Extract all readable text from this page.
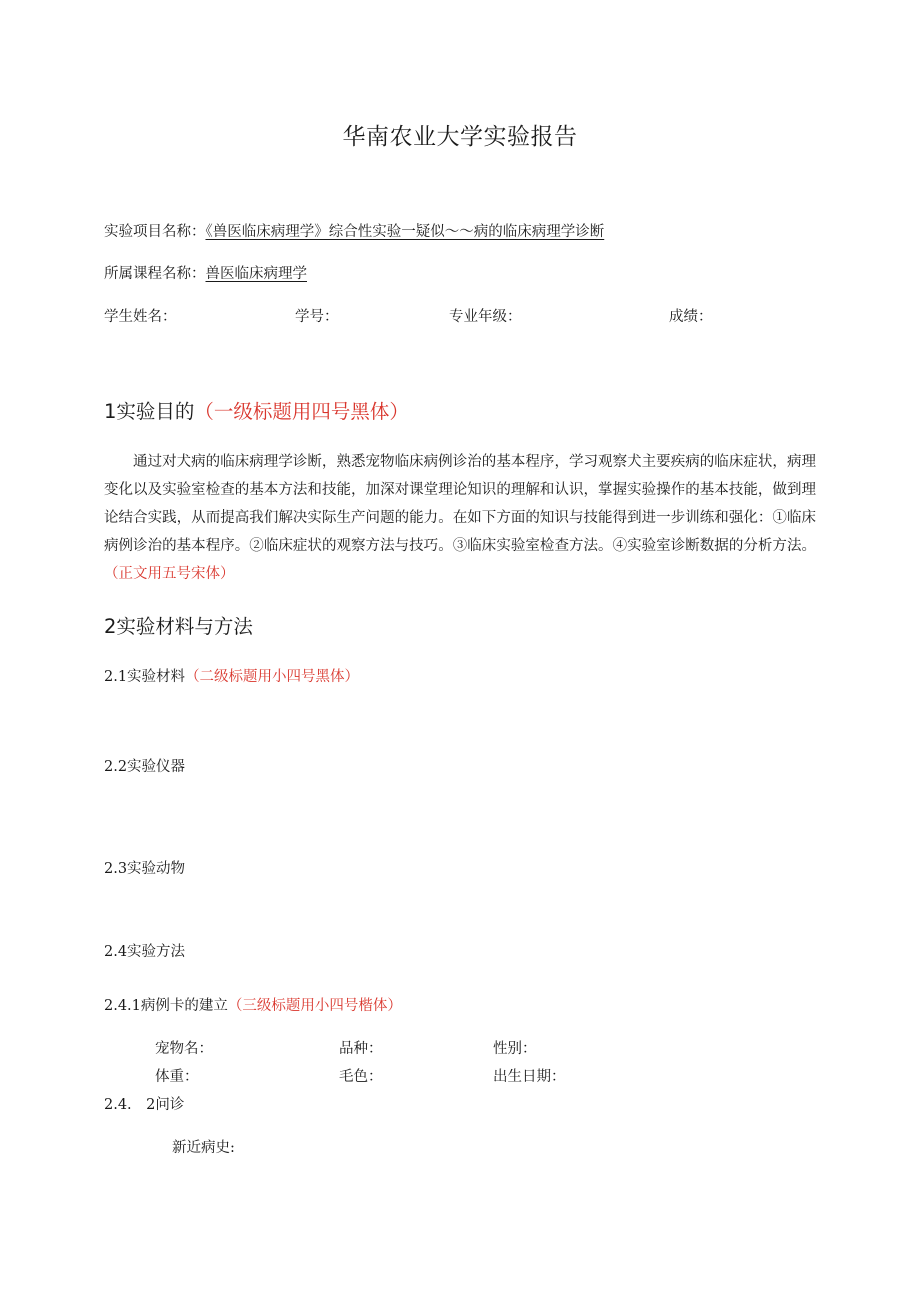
华南农业大学实验报告
实验项目名称：《兽医临床病理学》综合性实验一疑似～～病的临床病理学诊断
所属课程名称：兽医临床病理学
学生姓名：	学号：	专业年级：	成绩：
1实验目的（一级标题用四号黑体）
通过对犬病的临床病理学诊断，熟悉宠物临床病例诊治的基本程序，学习观察犬主要疾病的临床症状，病理变化以及实验室检查的基本方法和技能，加深对课堂理论知识的理解和认识，掌握实验操作的基本技能，做到理论结合实践，从而提高我们解决实际生产问题的能力。在如下方面的知识与技能得到进一步训练和强化：①临床病例诊治的基本程序。②临床症状的观察方法与技巧。③临床实验室检查方法。④实验室诊断数据的分析方法。（正文用五号宋体）
2实验材料与方法
2.1实验材料（二级标题用小四号黑体）
2.2实验仪器
2.3实验动物
2.4实验方法
2.4.1病例卡的建立（三级标题用小四号楷体）
宠物名：	品种：	性别：
体重：	毛色：	出生日期：
2.4.　2问诊
新近病史:
